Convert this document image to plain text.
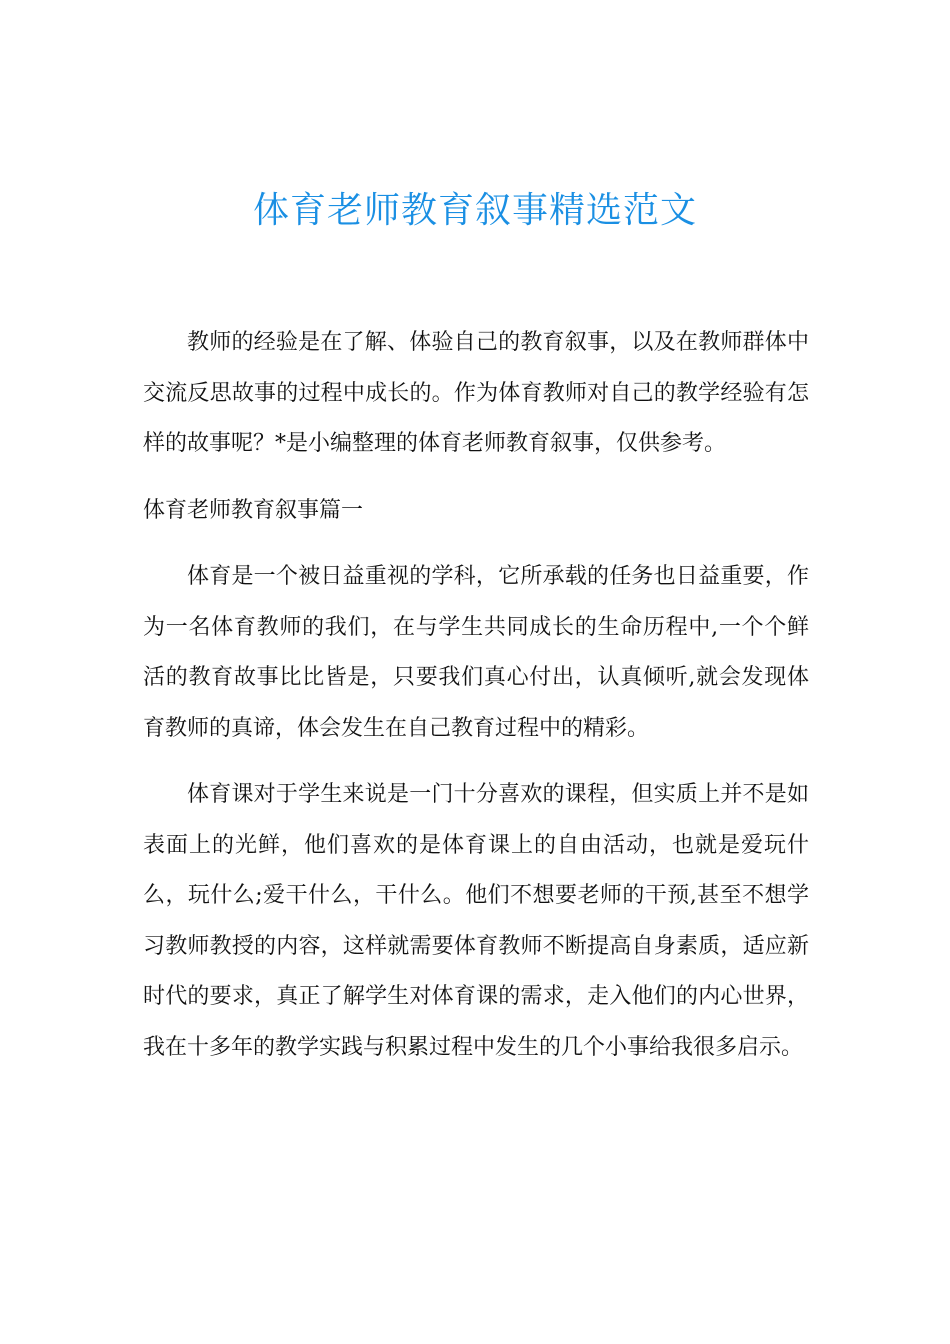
体育老师教育叙事精选范文

教师的经验是在了解、体验自己的教育叙事，以及在教师群体中交流反思故事的过程中成长的。作为体育教师对自己的教学经验有怎样的故事呢？*是小编整理的体育老师教育叙事，仅供参考。

体育老师教育叙事篇一

体育是一个被日益重视的学科，它所承载的任务也日益重要，作为一名体育教师的我们，在与学生共同成长的生命历程中,一个个鲜活的教育故事比比皆是，只要我们真心付出，认真倾听,就会发现体育教师的真谛，体会发生在自己教育过程中的精彩。

体育课对于学生来说是一门十分喜欢的课程，但实质上并不是如表面上的光鲜，他们喜欢的是体育课上的自由活动，也就是爱玩什么，玩什么;爱干什么，干什么。他们不想要老师的干预,甚至不想学习教师教授的内容，这样就需要体育教师不断提高自身素质，适应新时代的要求，真正了解学生对体育课的需求，走入他们的内心世界，我在十多年的教学实践与积累过程中发生的几个小事给我很多启示。
